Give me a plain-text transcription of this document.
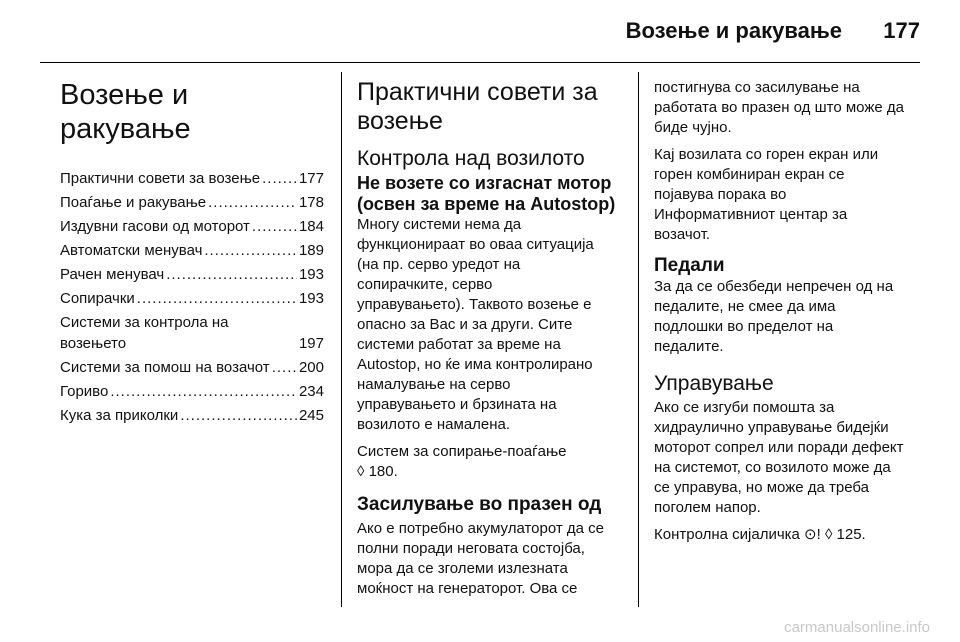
Возење и ракување 177
Возење и ракување
Практични совети за возење .....	177
Поаѓање и ракување .....	178
Издувни гасови од моторот .....	184
Автоматски менувач .....	189
Рачен менувач .....	193
Сопирачки .....	193
Системи за контрола на
возењето	197
Системи за помош на возачот ..... 200
Гориво .....	234
Кука за приколки .....	245
Практични совети за возење
Контрола над возилото
Не возете со изгаснат мотор (освен за време на Autostop)

Многу системи нема да
функционираат во оваа ситуација
(на пр. серво уредот на
сопирачките, серво
управувањето). Таквото возење е
опасно за Вас и за други. Сите
системи работат за време на
Autostop, но ќе има контролирано
намалување на серво
управувањето и брзината на
возилото е намалена.

Систем за сопирање-поаѓање
◊ 180.

Засилување во празен од

Ако е потребно акумулаторот да се
полни поради неговата состојба,
мора да се зголеми излезната
моќност на генераторот. Ова се

постигнува со засилување на
работата во празен од што може да
биде чујно.

Кај возилата со горен екран или
горен комбиниран екран се
појавува порака во
Информативниот центар за
возачот.

Педали

За да се обезбеди непречен од на
педалите, не смее да има
подлошки во пределот на
педалите.

Управување

Ако се изгуби помошта за
хидраулично управување бидејќи
моторот сопрел или поради дефект
на системот, со возилото може да
се управува, но може да треба
поголем напор.

Контролна сијаличка ⊙! ◊ 125.

carmanualsonline.info
